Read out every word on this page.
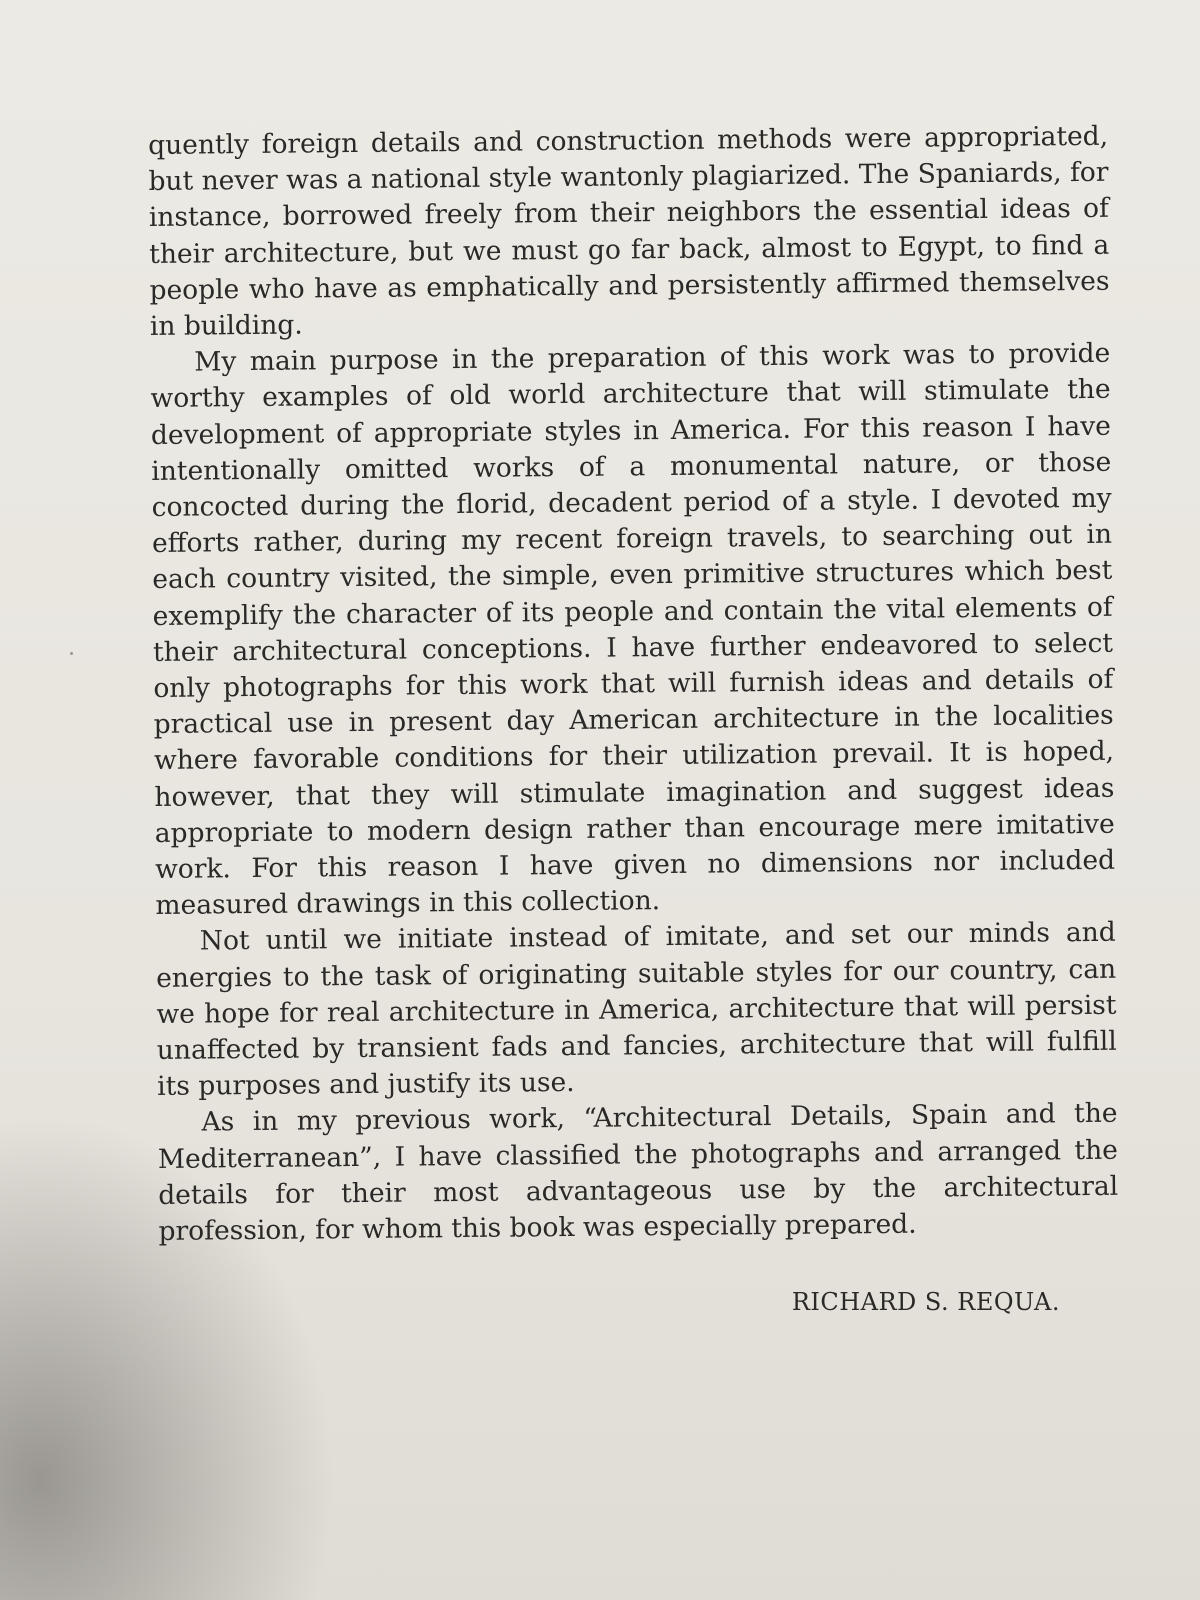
quently foreign details and construction methods were appropriated, but never was a national style wantonly plagiarized. The Spaniards, for instance, borrowed freely from their neighbors the essential ideas of their architecture, but we must go far back, almost to Egypt, to find a people who have as emphatically and persistently affirmed themselves in building.

My main purpose in the preparation of this work was to provide worthy examples of old world architecture that will stimulate the development of appropriate styles in America. For this reason I have intentionally omitted works of a monumental nature, or those concocted during the florid, decadent period of a style. I devoted my efforts rather, during my recent foreign travels, to searching out in each country visited, the simple, even primitive structures which best exemplify the character of its people and contain the vital elements of their architectural conceptions. I have further endeavored to select only photographs for this work that will furnish ideas and details of practical use in present day American architecture in the localities where favorable conditions for their utilization prevail. It is hoped, however, that they will stimulate imagination and suggest ideas appropriate to modern design rather than encourage mere imitative work. For this reason I have given no dimensions nor included measured drawings in this collection.

Not until we initiate instead of imitate, and set our minds and energies to the task of originating suitable styles for our country, can we hope for real architecture in America, architecture that will persist unaffected by transient fads and fancies, architecture that will fulfill its purposes and justify its use.

As in my previous work, “Architectural Details, Spain and the Mediterranean”, I have classified the photographs and arranged the details for their most advantageous use by the architectural profession, for whom this book was especially prepared.

RICHARD S. REQUA.
